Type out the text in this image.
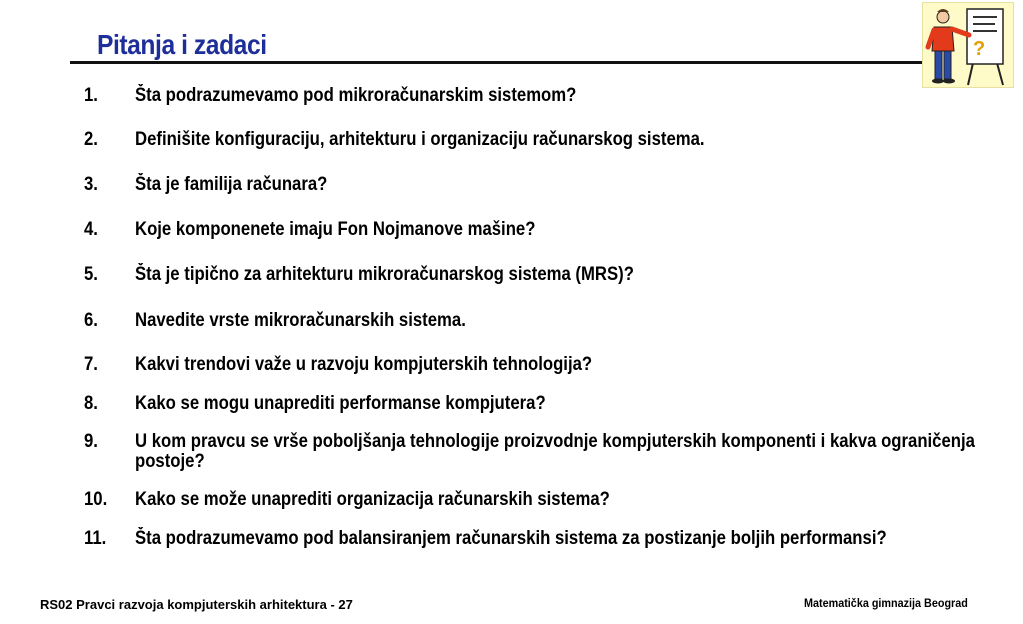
Pitanja i zadaci	?
1.	Šta podrazumevamo pod mikroračunarskim sistemom?
2.	Definišite konfiguraciju, arhitekturu i organizaciju računarskog sistema.
3.	Šta je familija računara?
4.	Koje komponenete imaju Fon Nojmanove mašine?
5.	Šta je tipično za arhitekturu mikroračunarskog sistema (MRS)?
6.	Navedite vrste mikroračunarskih sistema.
7.	Kakvi trendovi važe u razvoju kompjuterskih tehnologija?
8.	Kako se mogu unaprediti performanse kompjutera?
9.	U kom pravcu se vrše poboljšanja tehnologije proizvodnje kompjuterskih komponenti i kakva ograničenja postoje?
10.	Kako se može unaprediti organizacija računarskih sistema?
11.	Šta podrazumevamo pod balansiranjem računarskih sistema za postizanje boljih performansi?
RS02 Pravci razvoja kompjuterskih arhitektura - 27	Matematička gimnazija Beograd
